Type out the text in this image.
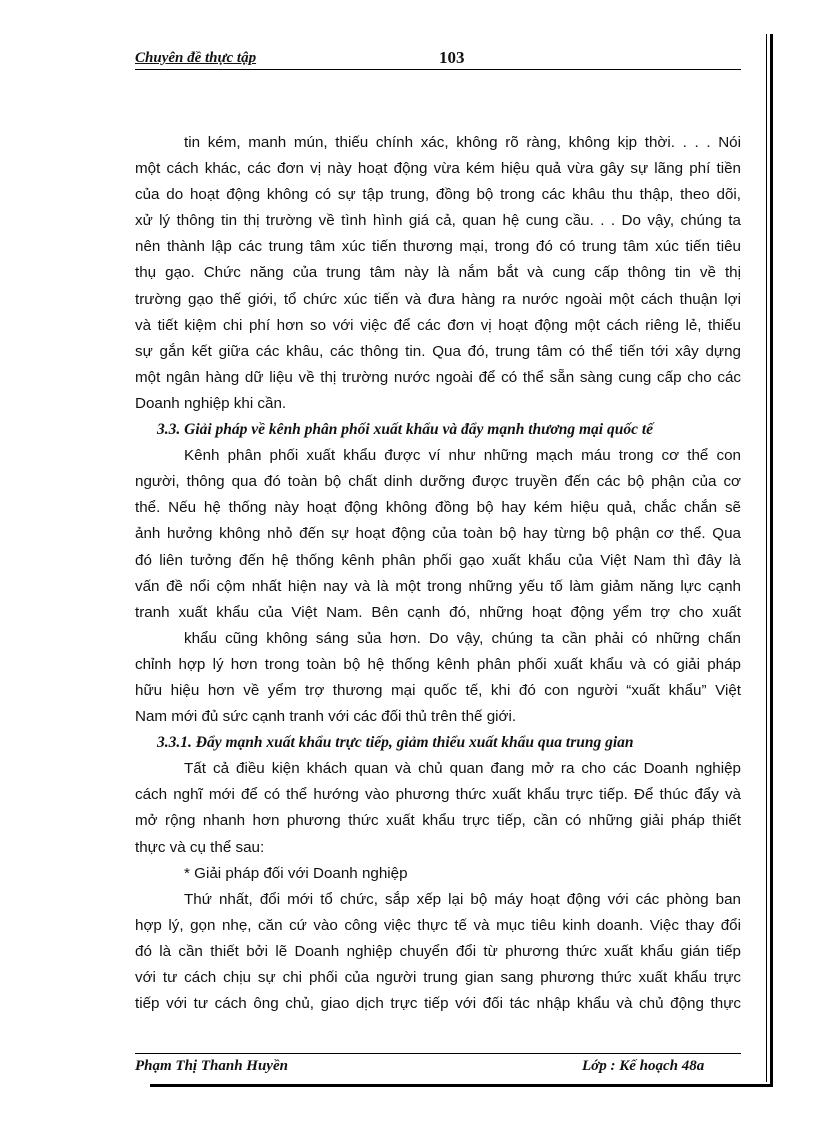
Chuyên đề thực tập	103
tin kém, manh mún, thiếu chính xác, không rõ ràng, không kịp thời. . . . Nói
một cách khác, các đơn vị này hoạt động vừa kém hiệu quả vừa gây sự lãng phí tiền
của do hoạt động không có sự tập trung, đồng bộ trong các khâu thu thập, theo dõi,
xử lý thông tin thị trường về tình hình giá cả, quan hệ cung cầu. . . Do vậy, chúng ta
nên thành lập các trung tâm xúc tiến thương mại, trong đó có trung tâm xúc tiến tiêu
thụ gạo. Chức năng của trung tâm này là nắm bắt và cung cấp thông tin về thị
trường gạo thế giới, tổ chức xúc tiến và đưa hàng ra nước ngoài một cách thuận lợi
và tiết kiệm chi phí hơn so với việc để các đơn vị hoạt động một cách riêng lẻ, thiếu
sự gắn kết giữa các khâu, các thông tin. Qua đó, trung tâm có thể tiến tới xây dựng
một ngân hàng dữ liệu về thị trường nước ngoài để có thể sẵn sàng cung cấp cho các
Doanh nghiệp khi cần.
3.3. Giải pháp về kênh phân phối xuất khẩu và đẩy mạnh thương mại quốc tế
Kênh phân phối xuất khẩu được ví như những mạch máu trong cơ thể con
người, thông qua đó toàn bộ chất dinh dưỡng được truyền đến các bộ phận của cơ
thể. Nếu hệ thống này hoạt động không đồng bộ hay kém hiệu quả, chắc chắn sẽ
ảnh hưởng không nhỏ đến sự hoạt động của toàn bộ hay từng bộ phận cơ thể. Qua
đó liên tưởng đến hệ thống kênh phân phối gạo xuất khẩu của Việt Nam thì đây là
vấn đề nổi cộm nhất hiện nay và là một trong những yếu tố làm giảm năng lực cạnh
tranh xuất khẩu của Việt Nam. Bên cạnh đó, những hoạt động yểm trợ cho xuất
khẩu cũng không sáng sủa hơn. Do vậy, chúng ta cần phải có những chấn
chỉnh hợp lý hơn trong toàn bộ hệ thống kênh phân phối xuất khẩu và có giải pháp
hữu hiệu hơn về yểm trợ thương mại quốc tế, khi đó con người “xuất khẩu” Việt
Nam mới đủ sức cạnh tranh với các đối thủ trên thế giới.
3.3.1. Đẩy mạnh xuất khẩu trực tiếp, giảm thiểu xuất khẩu qua trung gian
Tất cả điều kiện khách quan và chủ quan đang mở ra cho các Doanh nghiệp
cách nghĩ mới để có thể hướng vào phương thức xuất khẩu trực tiếp. Để thúc đẩy và
mở rộng nhanh hơn phương thức xuất khẩu trực tiếp, cần có những giải pháp thiết
thực và cụ thể sau:
* Giải pháp đối với Doanh nghiệp
Thứ nhất, đổi mới tổ chức, sắp xếp lại bộ máy hoạt động với các phòng ban
hợp lý, gọn nhẹ, căn cứ vào công việc thực tế và mục tiêu kinh doanh. Việc thay đổi
đó là cần thiết bởi lẽ Doanh nghiệp chuyển đổi từ phương thức xuất khẩu gián tiếp
với tư cách chịu sự chi phối của người trung gian sang phương thức xuất khẩu trực
tiếp với tư cách ông chủ, giao dịch trực tiếp với đối tác nhập khẩu và chủ động thực
Phạm Thị Thanh Huyền	Lớp : Kế hoạch 48a
